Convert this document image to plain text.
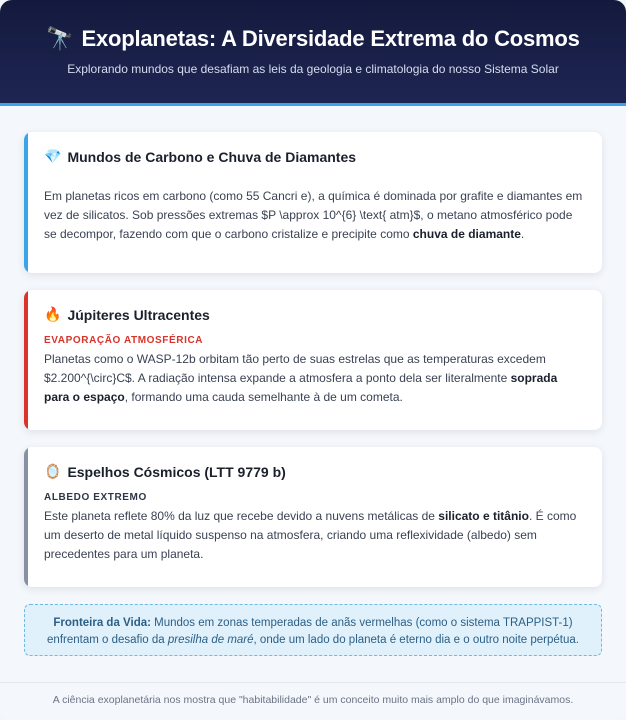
🔭 Exoplanetas: A Diversidade Extrema do Cosmos

Explorando mundos que desafiam as leis da geologia e climatologia do nosso Sistema Solar

💎 Mundos de Carbono e Chuva de Diamantes
Em planetas ricos em carbono (como 55 Cancri e), a química é dominada por grafite e diamantes em vez de silicatos. Sob pressões extremas $P \approx 10^{6} \text{ atm}$, o metano atmosférico pode se decompor, fazendo com que o carbono cristalize e precipite como chuva de diamante.
🔥 Júpiteres Ultracentes
EVAPORAÇÃO ATMOSFÉRICA
Planetas como o WASP-12b orbitam tão perto de suas estrelas que as temperaturas excedem $2.200^{\circ}C$. A radiação intensa expande a atmosfera a ponto dela ser literalmente soprada para o espaço, formando uma cauda semelhante à de um cometa.
🪞 Espelhos Cósmicos (LTT 9779 b)
ALBEDO EXTREMO
Este planeta reflete 80% da luz que recebe devido a nuvens metálicas de silicato e titânio. É como um deserto de metal líquido suspenso na atmosfera, criando uma reflexividade (albedo) sem precedentes para um planeta.
Fronteira da Vida: Mundos em zonas temperadas de anãs vermelhas (como o sistema TRAPPIST-1) enfrentam o desafio da presilha de maré, onde um lado do planeta é eterno dia e o outro noite perpétua.
A ciência exoplanetária nos mostra que "habitabilidade" é um conceito muito mais amplo do que imaginávamos.
